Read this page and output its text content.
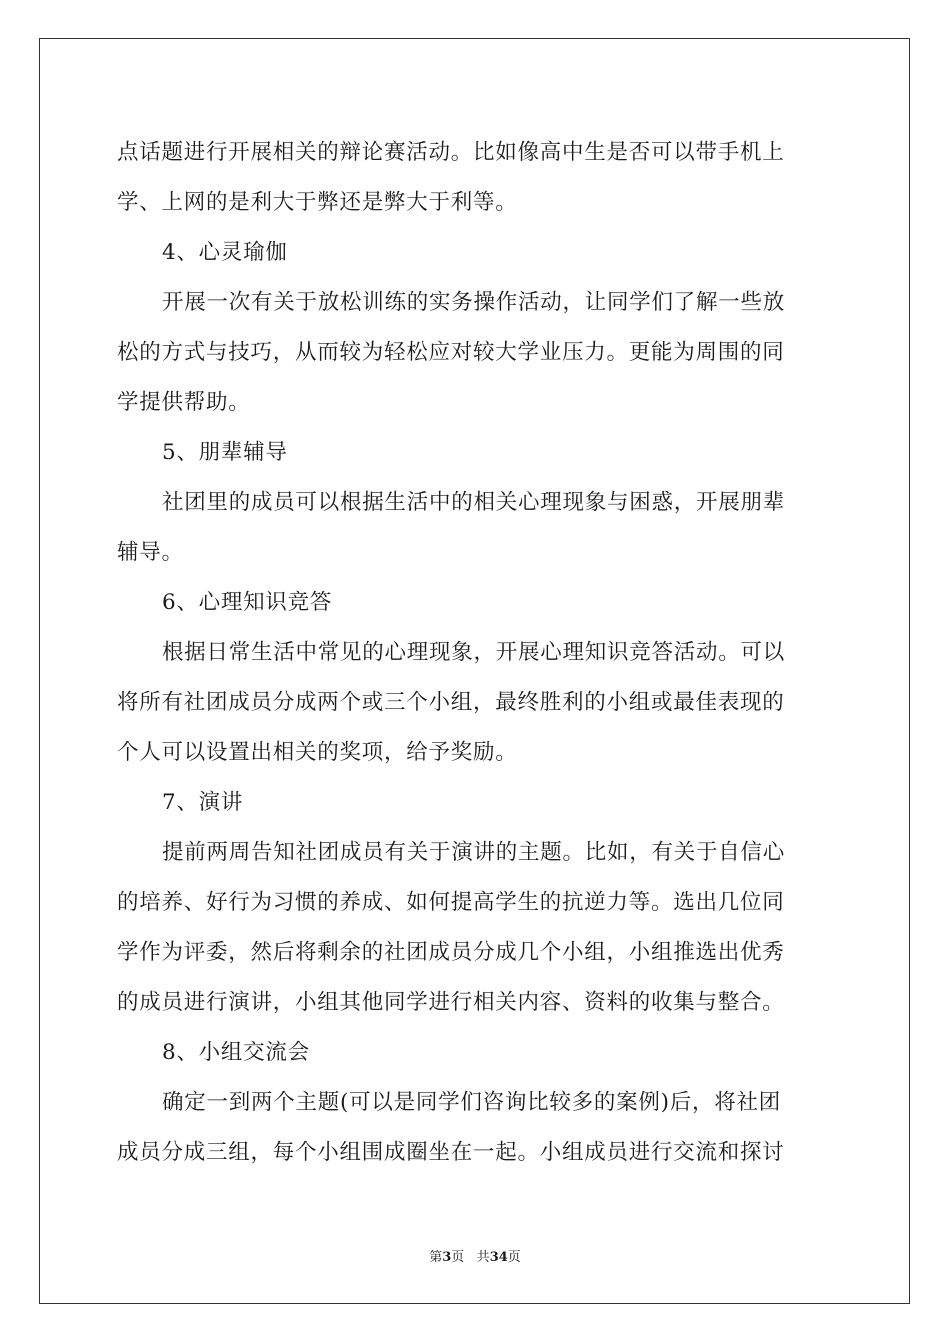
点话题进行开展相关的辩论赛活动。比如像高中生是否可以带手机上
学、上网的是利大于弊还是弊大于利等。
4、心灵瑜伽
开展一次有关于放松训练的实务操作活动，让同学们了解一些放
松的方式与技巧，从而较为轻松应对较大学业压力。更能为周围的同
学提供帮助。
5、朋辈辅导
社团里的成员可以根据生活中的相关心理现象与困惑，开展朋辈
辅导。
6、心理知识竞答
根据日常生活中常见的心理现象，开展心理知识竞答活动。可以
将所有社团成员分成两个或三个小组，最终胜利的小组或最佳表现的
个人可以设置出相关的奖项，给予奖励。
7、演讲
提前两周告知社团成员有关于演讲的主题。比如，有关于自信心
的培养、好行为习惯的养成、如何提高学生的抗逆力等。选出几位同
学作为评委，然后将剩余的社团成员分成几个小组，小组推选出优秀
的成员进行演讲，小组其他同学进行相关内容、资料的收集与整合。
8、小组交流会
确定一到两个主题(可以是同学们咨询比较多的案例)后，将社团
成员分成三组，每个小组围成圈坐在一起。小组成员进行交流和探讨
第3页 共34页
